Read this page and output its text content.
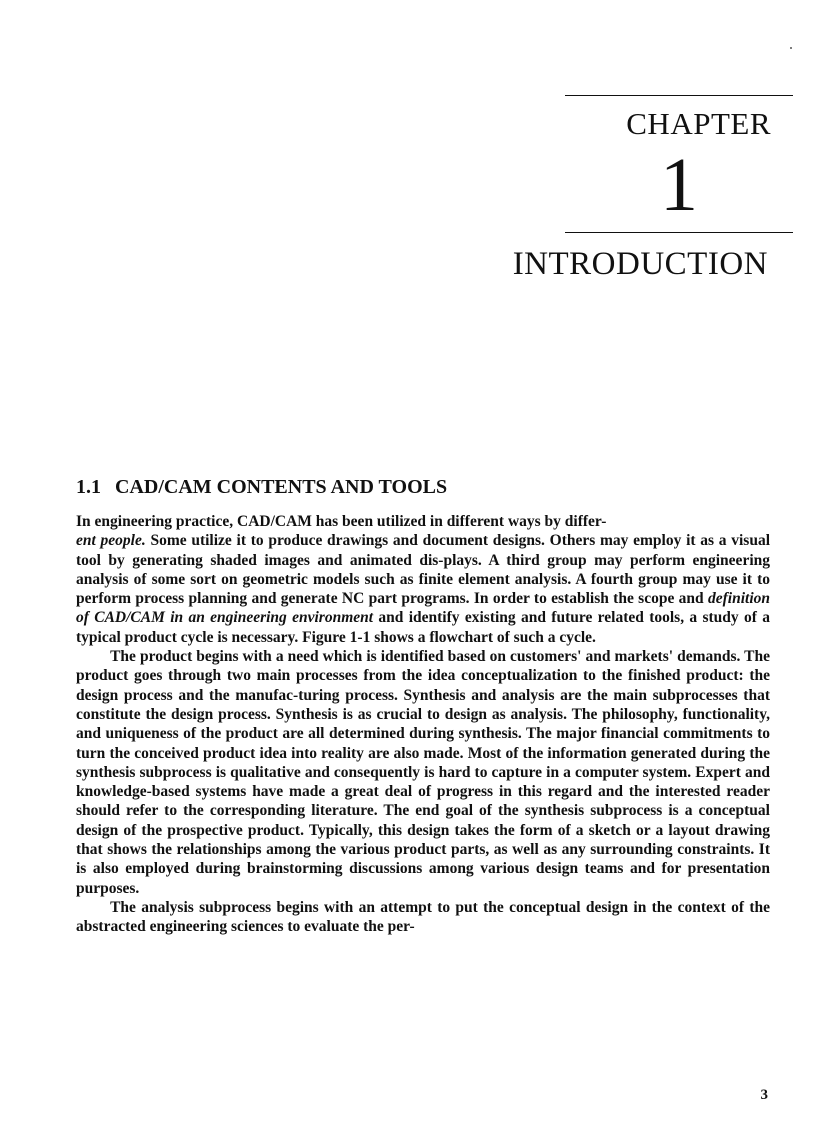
CHAPTER
1
INTRODUCTION
1.1 CAD/CAM CONTENTS AND TOOLS

In engineering practice, CAD/CAM has been utilized in different ways by differ-
ent people. Some utilize it to produce drawings and document designs. Others may employ it as a visual tool by generating shaded images and animated dis-plays. A third group may perform engineering analysis of some sort on geometric models such as finite element analysis. A fourth group may use it to perform process planning and generate NC part programs. In order to establish the scope and definition of CAD/CAM in an engineering environment and identify existing and future related tools, a study of a typical product cycle is necessary. Figure 1-1 shows a flowchart of such a cycle.

The product begins with a need which is identified based on customers' and markets' demands. The product goes through two main processes from the idea conceptualization to the finished product: the design process and the manufac-turing process. Synthesis and analysis are the main subprocesses that constitute the design process. Synthesis is as crucial to design as analysis. The philosophy, functionality, and uniqueness of the product are all determined during synthesis. The major financial commitments to turn the conceived product idea into reality are also made. Most of the information generated during the synthesis subprocess is qualitative and consequently is hard to capture in a computer system. Expert and knowledge-based systems have made a great deal of progress in this regard and the interested reader should refer to the corresponding literature. The end goal of the synthesis subprocess is a conceptual design of the prospective product. Typically, this design takes the form of a sketch or a layout drawing that shows the relationships among the various product parts, as well as any surrounding constraints. It is also employed during brainstorming discussions among various design teams and for presentation purposes.

The analysis subprocess begins with an attempt to put the conceptual design in the context of the abstracted engineering sciences to evaluate the per-

3
